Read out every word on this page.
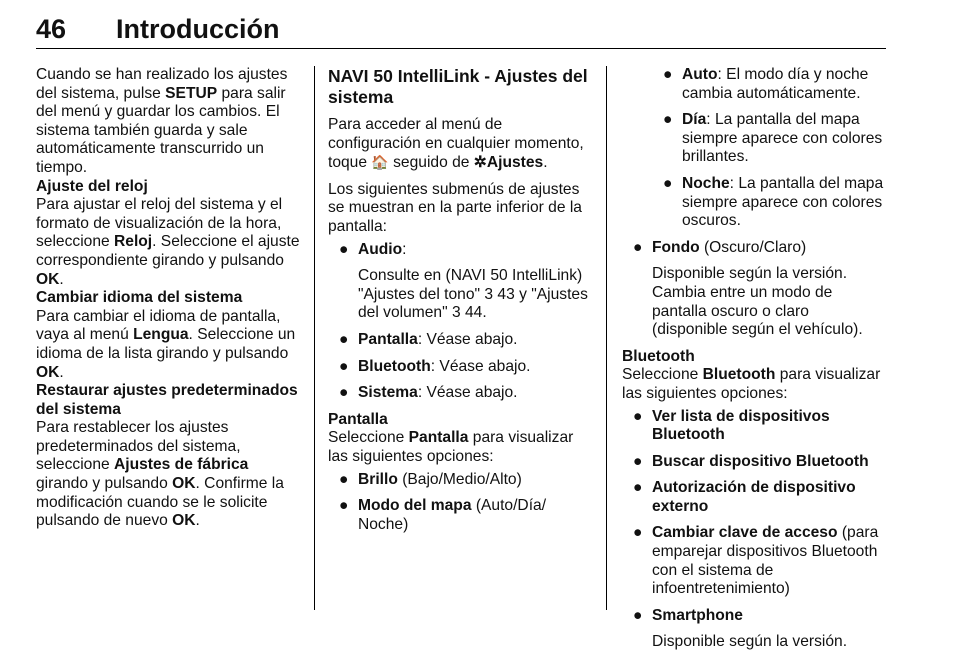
46 Introducción

Cuando se han realizado los ajustes del sistema, pulse SETUP para salir del menú y guardar los cambios. El sistema también guarda y sale automáticamente transcurrido un tiempo.

Ajuste del reloj

Para ajustar el reloj del sistema y el formato de visualización de la hora, seleccione Reloj. Seleccione el ajuste correspondiente girando y pulsando OK.

Cambiar idioma del sistema

Para cambiar el idioma de pantalla, vaya al menú Lengua. Seleccione un idioma de la lista girando y pulsando OK.

Restaurar ajustes predeterminados del sistema

Para restablecer los ajustes predeterminados del sistema, seleccione Ajustes de fábrica girando y pulsando OK. Confirme la modificación cuando se le solicite pulsando de nuevo OK.

NAVI 50 IntelliLink - Ajustes del sistema

Para acceder al menú de configuración en cualquier momento, toque 🏠 seguido de ✲Ajustes.

Los siguientes submenús de ajustes se muestran en la parte inferior de la pantalla:

● Audio:

Consulte en (NAVI 50 IntelliLink) "Ajustes del tono" 3 43 y "Ajustes del volumen" 3 44.

● Pantalla: Véase abajo.
● Bluetooth: Véase abajo.
● Sistema: Véase abajo.

Pantalla

Seleccione Pantalla para visualizar las siguientes opciones:

● Brillo (Bajo/Medio/Alto)
● Modo del mapa (Auto/Día/ Noche)
● Auto: El modo día y noche cambia automáticamente.
● Día: La pantalla del mapa siempre aparece con colores brillantes.
● Noche: La pantalla del mapa siempre aparece con colores oscuros.
● Fondo (Oscuro/Claro)

Disponible según la versión. Cambia entre un modo de pantalla oscuro o claro (disponible según el vehículo).

Bluetooth

Seleccione Bluetooth para visualizar las siguientes opciones:

● Ver lista de dispositivos Bluetooth
● Buscar dispositivo Bluetooth
● Autorización de dispositivo externo
● Cambiar clave de acceso (para emparejar dispositivos Bluetooth con el sistema de infoentretenimiento)
● Smartphone

Disponible según la versión.
